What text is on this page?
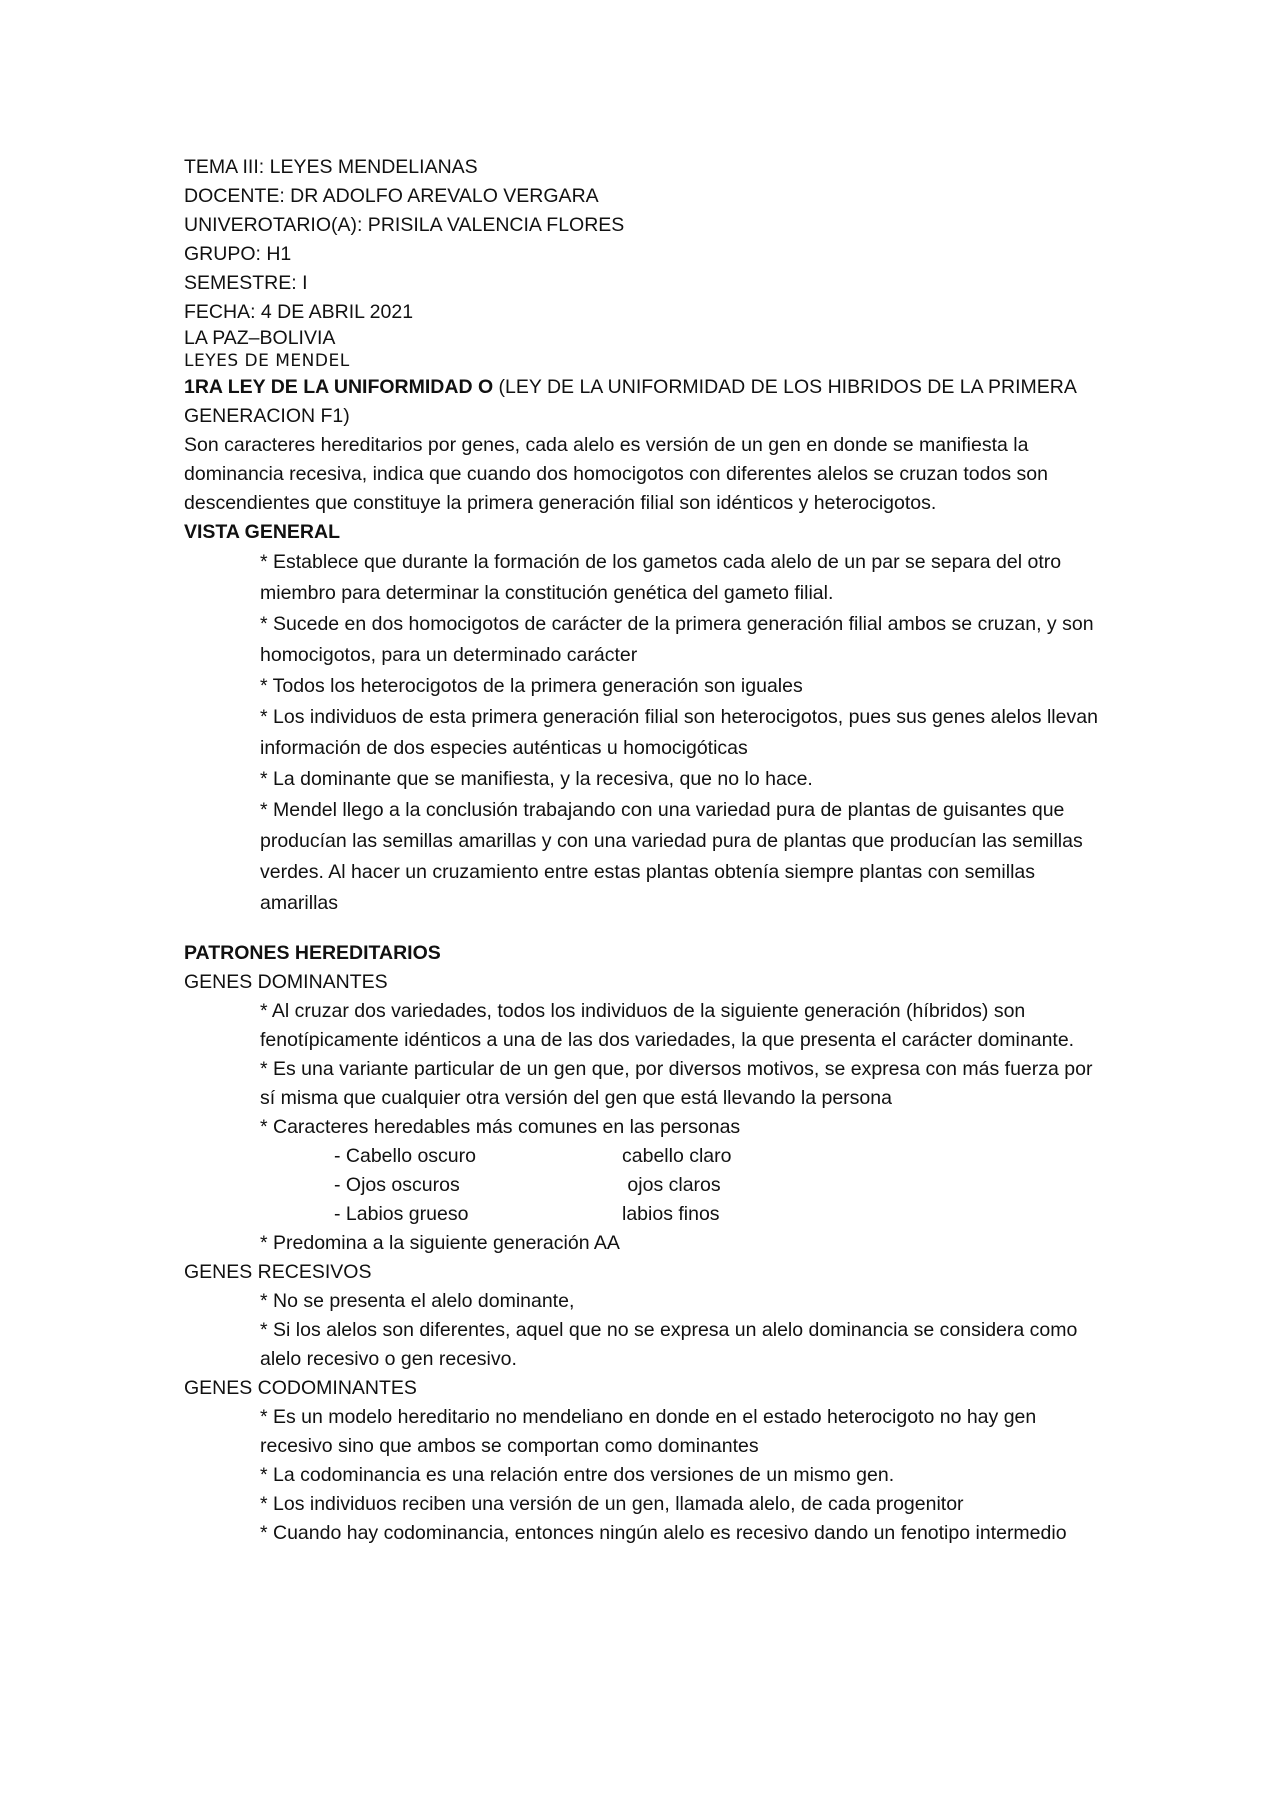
TEMA III: LEYES MENDELIANAS
DOCENTE: DR ADOLFO AREVALO VERGARA
UNIVEROTARIO(A): PRISILA VALENCIA FLORES
GRUPO: H1
SEMESTRE: I
FECHA: 4 DE ABRIL 2021
LA PAZ–BOLIVIA
LEYES DE MENDEL

1RA LEY DE LA UNIFORMIDAD O (LEY DE LA UNIFORMIDAD DE LOS HIBRIDOS DE LA PRIMERA GENERACION F1)

Son caracteres hereditarios por genes, cada alelo es versión de un gen en donde se manifiesta la dominancia recesiva, indica que cuando dos homocigotos con diferentes alelos se cruzan todos son descendientes que constituye la primera generación filial son idénticos y heterocigotos.

VISTA GENERAL

* Establece que durante la formación de los gametos cada alelo de un par se separa del otro miembro para determinar la constitución genética del gameto filial.

* Sucede en dos homocigotos de carácter de la primera generación filial ambos se cruzan, y son homocigotos, para un determinado carácter

* Todos los heterocigotos de la primera generación son iguales

* Los individuos de esta primera generación filial son heterocigotos, pues sus genes alelos llevan información de dos especies auténticas u homocigóticas

* La dominante que se manifiesta, y la recesiva, que no lo hace.

* Mendel llego a la conclusión trabajando con una variedad pura de plantas de guisantes que producían las semillas amarillas y con una variedad pura de plantas que producían las semillas verdes. Al hacer un cruzamiento entre estas plantas obtenía siempre plantas con semillas amarillas

PATRONES HEREDITARIOS
GENES DOMINANTES

* Al cruzar dos variedades, todos los individuos de la siguiente generación (híbridos) son fenotípicamente idénticos a una de las dos variedades, la que presenta el carácter dominante.

* Es una variante particular de un gen que, por diversos motivos, se expresa con más fuerza por sí misma que cualquier otra versión del gen que está llevando la persona

* Caracteres heredables más comunes en las personas

- Cabello oscuro	cabello claro
- Ojos oscuros	ojos claros
- Labios grueso	labios finos

* Predomina a la siguiente generación AA

GENES RECESIVOS

* No se presenta el alelo dominante,

* Si los alelos son diferentes, aquel que no se expresa un alelo dominancia se considera como alelo recesivo o gen recesivo.

GENES CODOMINANTES

* Es un modelo hereditario no mendeliano en donde en el estado heterocigoto no hay gen recesivo sino que ambos se comportan como dominantes

* La codominancia es una relación entre dos versiones de un mismo gen.

* Los individuos reciben una versión de un gen, llamada alelo, de cada progenitor

* Cuando hay codominancia, entonces ningún alelo es recesivo dando un fenotipo intermedio
